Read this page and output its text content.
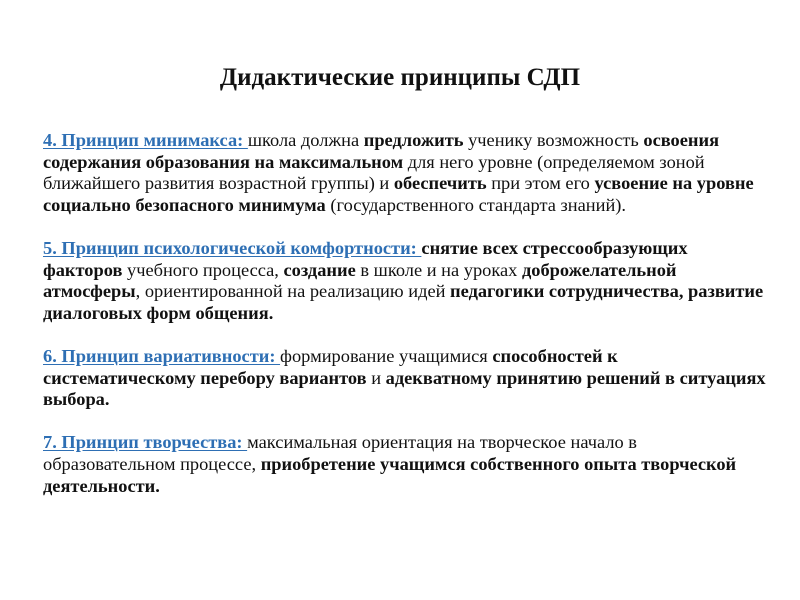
Дидактические принципы СДП

4. Принцип минимакса: школа должна предложить ученику возможность освоения содержания образования на максимальном для него уровне (определяемом зоной ближайшего развития возрастной группы) и обеспечить при этом его усвоение на уровне социально безопасного минимума (государственного стандарта знаний).

5. Принцип психологической комфортности: снятие всех стрессообразующих факторов учебного процесса, создание в школе и на уроках доброжелательной атмосферы, ориентированной на реализацию идей педагогики сотрудничества, развитие диалоговых форм общения.

6. Принцип вариативности: формирование учащимися способностей к систематическому перебору вариантов и адекватному принятию решений в ситуациях выбора.

7. Принцип творчества: максимальная ориентация на творческое начало в образовательном процессе, приобретение учащимся собственного опыта творческой деятельности.
